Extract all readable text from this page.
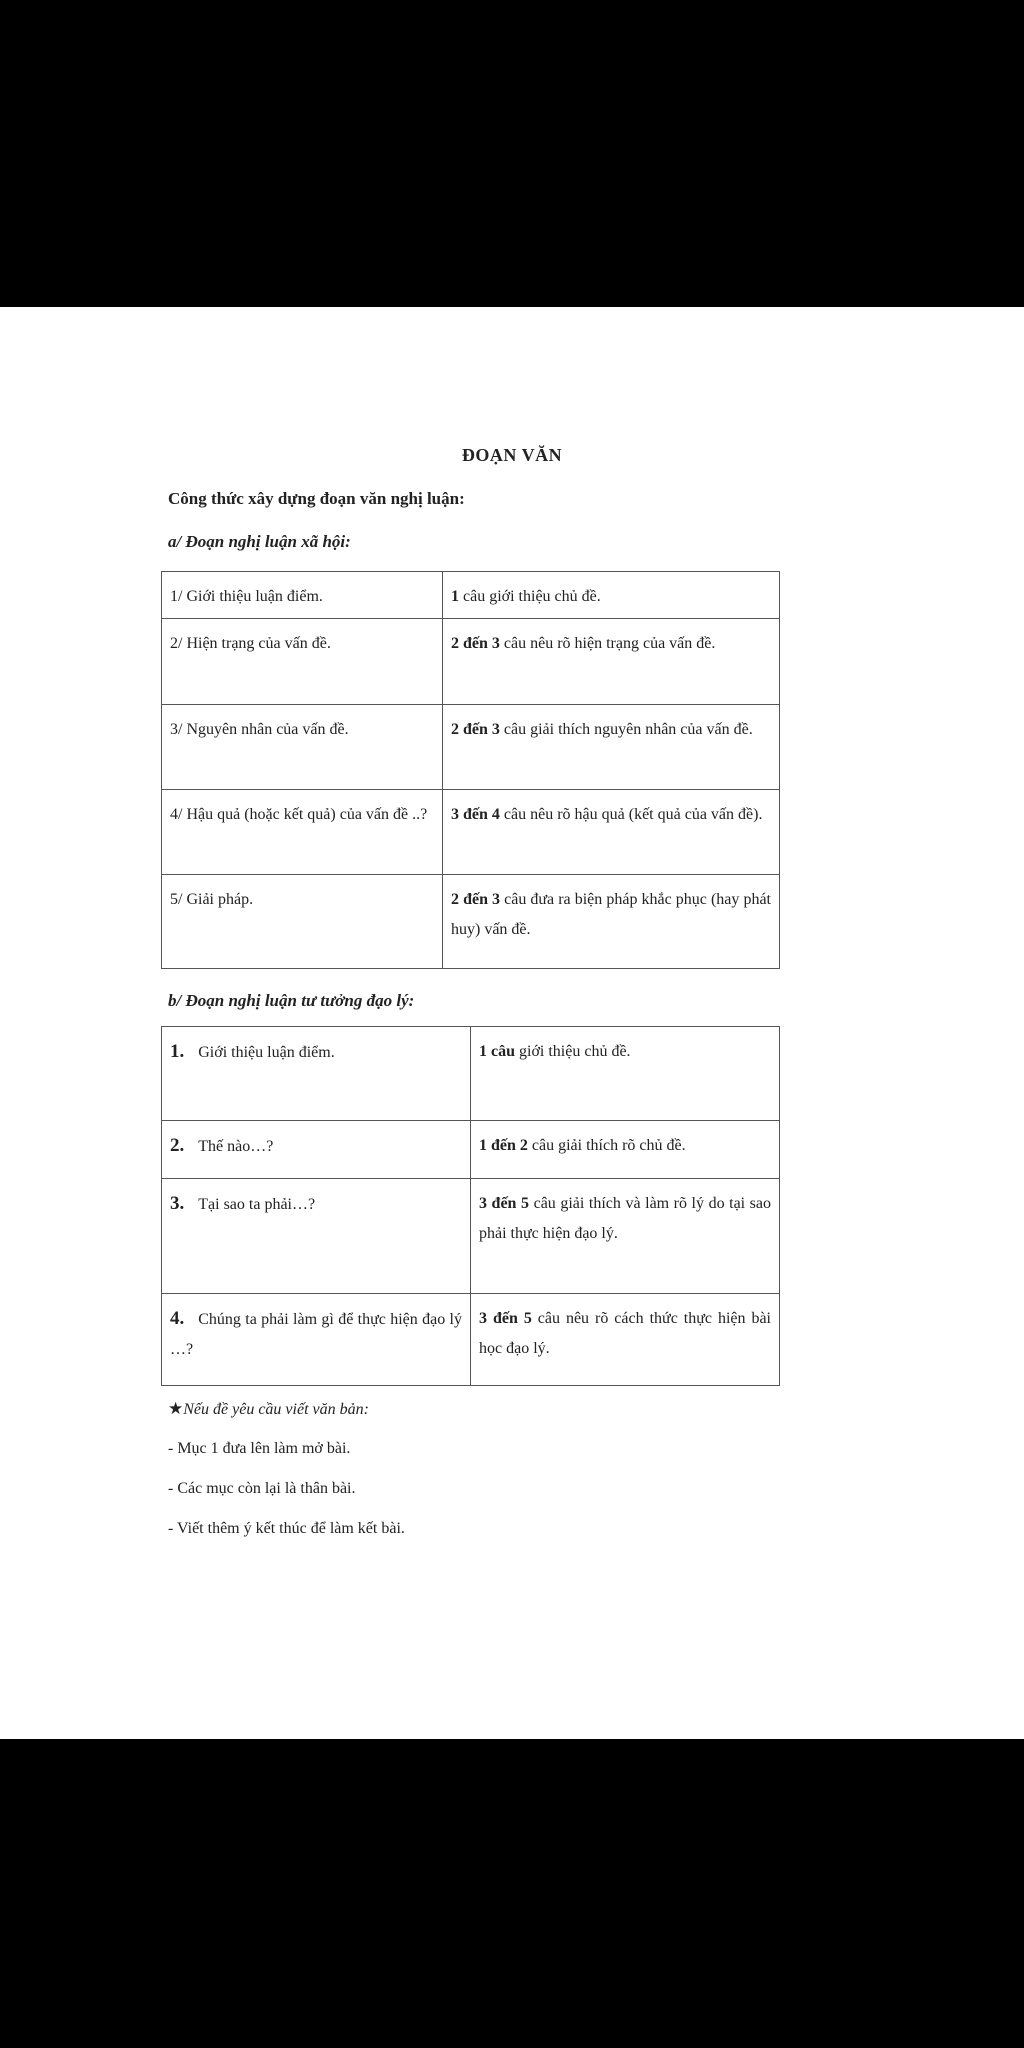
ĐOẠN VĂN
Công thức xây dựng đoạn văn nghị luận:
a/ Đoạn nghị luận xã hội:
1/ Giới thiệu luận điểm.	1 câu giới thiệu chủ đề.
2/ Hiện trạng của vấn đề.	2 đến 3 câu nêu rõ hiện trạng của vấn đề.
3/ Nguyên nhân của vấn đề.	2 đến 3 câu giải thích nguyên nhân của vấn đề.
4/ Hậu quả (hoặc kết quả) của vấn đề ..?	3 đến 4 câu nêu rõ hậu quả (kết quả của vấn đề).
5/ Giải pháp.	2 đến 3 câu đưa ra biện pháp khắc phục (hay phát huy) vấn đề.
b/ Đoạn nghị luận tư tưởng đạo lý:
1. Giới thiệu luận điểm.	1 câu giới thiệu chủ đề.
2. Thế nào…?	1 đến 2 câu giải thích rõ chủ đề.
3. Tại sao ta phải…?	3 đến 5 câu giải thích và làm rõ lý do tại sao phải thực hiện đạo lý.
4. Chúng ta phải làm gì để thực hiện đạo lý …?	3 đến 5 câu nêu rõ cách thức thực hiện bài học đạo lý.
★Nếu đề yêu cầu viết văn bản:
- Mục 1 đưa lên làm mở bài.
- Các mục còn lại là thân bài.
- Viết thêm ý kết thúc để làm kết bài.
